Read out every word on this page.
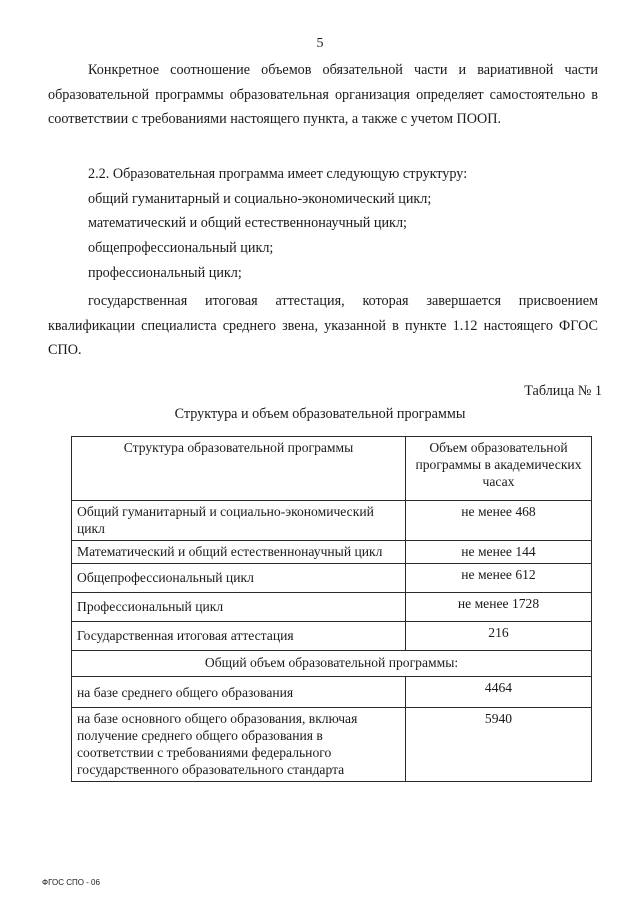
5

Конкретное соотношение объемов обязательной части и вариативной части образовательной программы образовательная организация определяет самостоятельно в соответствии с требованиями настоящего пункта, а также с учетом ПООП.

2.2. Образовательная программа имеет следующую структуру:
общий гуманитарный и социально-экономический цикл;
математический и общий естественнонаучный цикл;
общепрофессиональный цикл;
профессиональный цикл;

государственная итоговая аттестация, которая завершается присвоением квалификации специалиста среднего звена, указанной в пункте 1.12 настоящего ФГОС СПО.

Таблица № 1
Структура и объем образовательной программы
Структура образовательной программы	Объем образовательной программы в академических часах
Общий гуманитарный и социально-экономический цикл	не менее 468
Математический и общий естественнонаучный цикл	не менее 144
Общепрофессиональный цикл	не менее 612
Профессиональный цикл	не менее 1728
Государственная итоговая аттестация	216
Общий объем образовательной программы:	
на базе среднего общего образования	4464
на базе основного общего образования, включая получение среднего общего образования в соответствии с требованиями федерального государственного образовательного стандарта	5940
ФГОС СПО - 06
